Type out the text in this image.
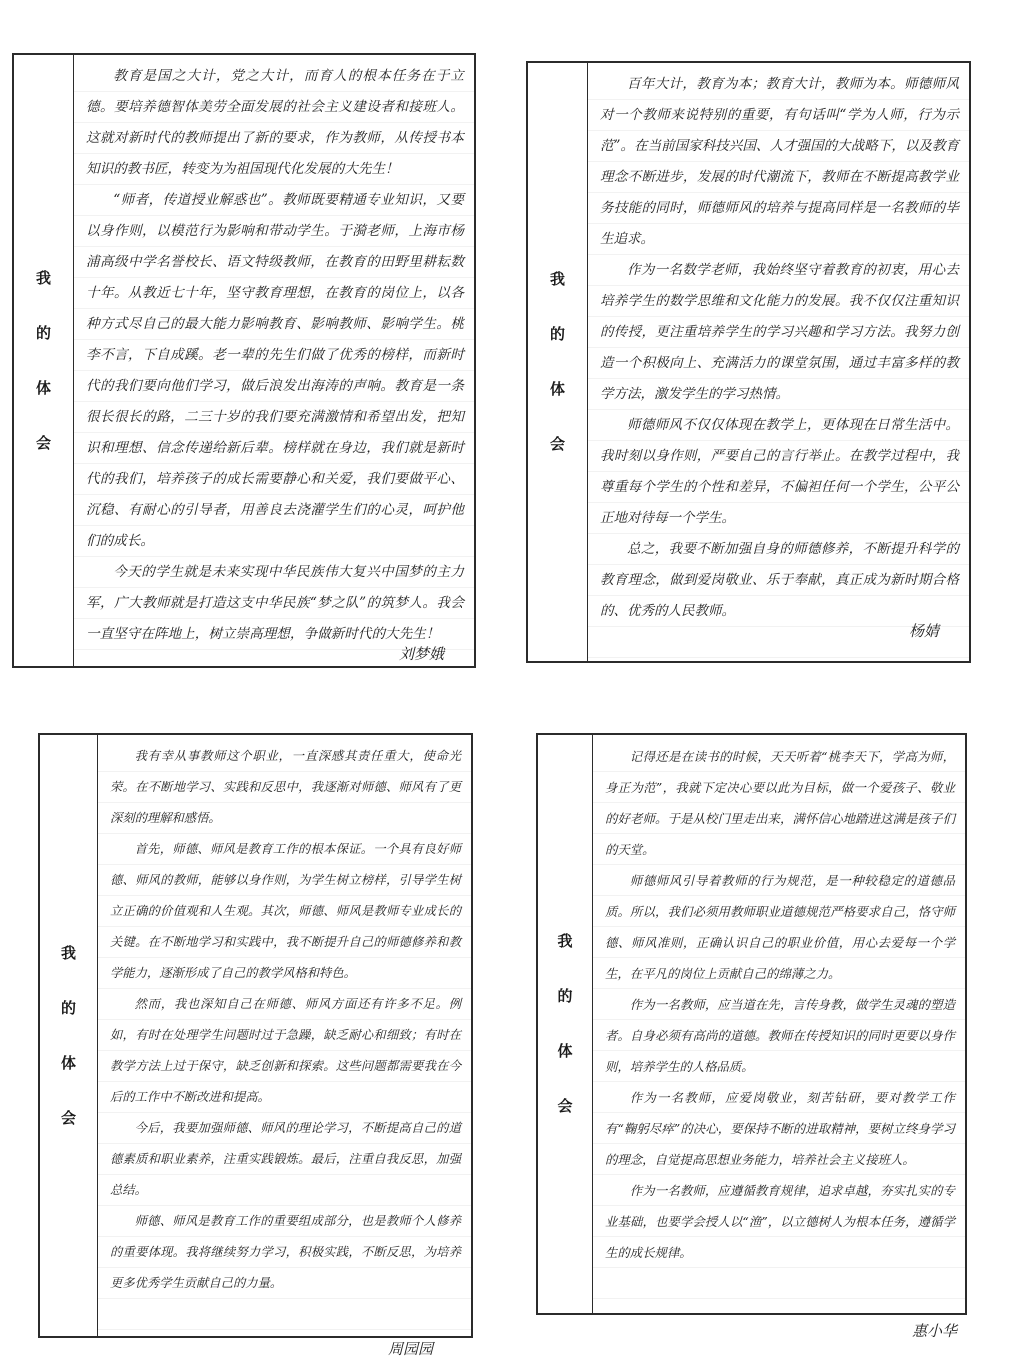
我
的
体
会

教育是国之大计，党之大计，而育人的根本任务在于立德。要培养德智体美劳全面发展的社会主义建设者和接班人。这就对新时代的教师提出了新的要求，作为教师，从传授书本知识的教书匠，转变为为祖国现代化发展的大先生！

“师者，传道授业解惑也”。教师既要精通专业知识，又要以身作则，以模范行为影响和带动学生。于漪老师，上海市杨浦高级中学名誉校长、语文特级教师，在教育的田野里耕耘数十年。从教近七十年，坚守教育理想，在教育的岗位上，以各种方式尽自己的最大能力影响教育、影响教师、影响学生。桃李不言，下自成蹊。老一辈的先生们做了优秀的榜样，而新时代的我们要向他们学习，做后浪发出海涛的声响。教育是一条很长很长的路，二三十岁的我们要充满激情和希望出发，把知识和理想、信念传递给新后辈。榜样就在身边，我们就是新时代的我们，培养孩子的成长需要静心和关爱，我们要做平心、沉稳、有耐心的引导者，用善良去浇灌学生们的心灵，呵护他们的成长。

今天的学生就是未来实现中华民族伟大复兴中国梦的主力军，广大教师就是打造这支中华民族“梦之队”的筑梦人。我会一直坚守在阵地上，树立崇高理想，争做新时代的大先生！

刘梦娥
我
的
体
会

百年大计，教育为本；教育大计，教师为本。师德师风对一个教师来说特别的重要，有句话叫“学为人师，行为示范”。在当前国家科技兴国、人才强国的大战略下，以及教育理念不断进步，发展的时代潮流下，教师在不断提高教学业务技能的同时，师德师风的培养与提高同样是一名教师的毕生追求。

作为一名数学老师，我始终坚守着教育的初衷，用心去培养学生的数学思维和文化能力的发展。我不仅仅注重知识的传授，更注重培养学生的学习兴趣和学习方法。我努力创造一个积极向上、充满活力的课堂氛围，通过丰富多样的教学方法，激发学生的学习热情。

师德师风不仅仅体现在教学上，更体现在日常生活中。我时刻以身作则，严要自己的言行举止。在教学过程中，我尊重每个学生的个性和差异，不偏袒任何一个学生，公平公正地对待每一个学生。

总之，我要不断加强自身的师德修养，不断提升科学的教育理念，做到爱岗敬业、乐于奉献，真正成为新时期合格的、优秀的人民教师。

杨婧
我
的
体
会

我有幸从事教师这个职业，一直深感其责任重大，使命光荣。在不断地学习、实践和反思中，我逐渐对师德、师风有了更深刻的理解和感悟。

首先，师德、师风是教育工作的根本保证。一个具有良好师德、师风的教师，能够以身作则，为学生树立榜样，引导学生树立正确的价值观和人生观。其次，师德、师风是教师专业成长的关键。在不断地学习和实践中，我不断提升自己的师德修养和教学能力，逐渐形成了自己的教学风格和特色。

然而，我也深知自己在师德、师风方面还有许多不足。例如，有时在处理学生问题时过于急躁，缺乏耐心和细致；有时在教学方法上过于保守，缺乏创新和探索。这些问题都需要我在今后的工作中不断改进和提高。

今后，我要加强师德、师风的理论学习，不断提高自己的道德素质和职业素养，注重实践锻炼。最后，注重自我反思，加强总结。

师德、师风是教育工作的重要组成部分，也是教师个人修养的重要体现。我将继续努力学习，积极实践，不断反思，为培养更多优秀学生贡献自己的力量。

周园园
我
的
体
会

记得还是在读书的时候，天天听着“桃李天下，学高为师，身正为范”，我就下定决心要以此为目标，做一个爱孩子、敬业的好老师。于是从校门里走出来，满怀信心地踏进这满是孩子们的天堂。

师德师风引导着教师的行为规范，是一种较稳定的道德品质。所以，我们必须用教师职业道德规范严格要求自己，恪守师德、师风准则，正确认识自己的职业价值，用心去爱每一个学生，在平凡的岗位上贡献自己的绵薄之力。

作为一名教师，应当道在先，言传身教，做学生灵魂的塑造者。自身必须有高尚的道德。教师在传授知识的同时更要以身作则，培养学生的人格品质。

作为一名教师，应爱岗敬业，刻苦钻研，要对教学工作有“鞠躬尽瘁”的决心，要保持不断的进取精神，要树立终身学习的理念，自觉提高思想业务能力，培养社会主义接班人。

作为一名教师，应遵循教育规律，追求卓越，夯实扎实的专业基础，也要学会授人以“渔”，以立德树人为根本任务，遵循学生的成长规律。

惠小华
